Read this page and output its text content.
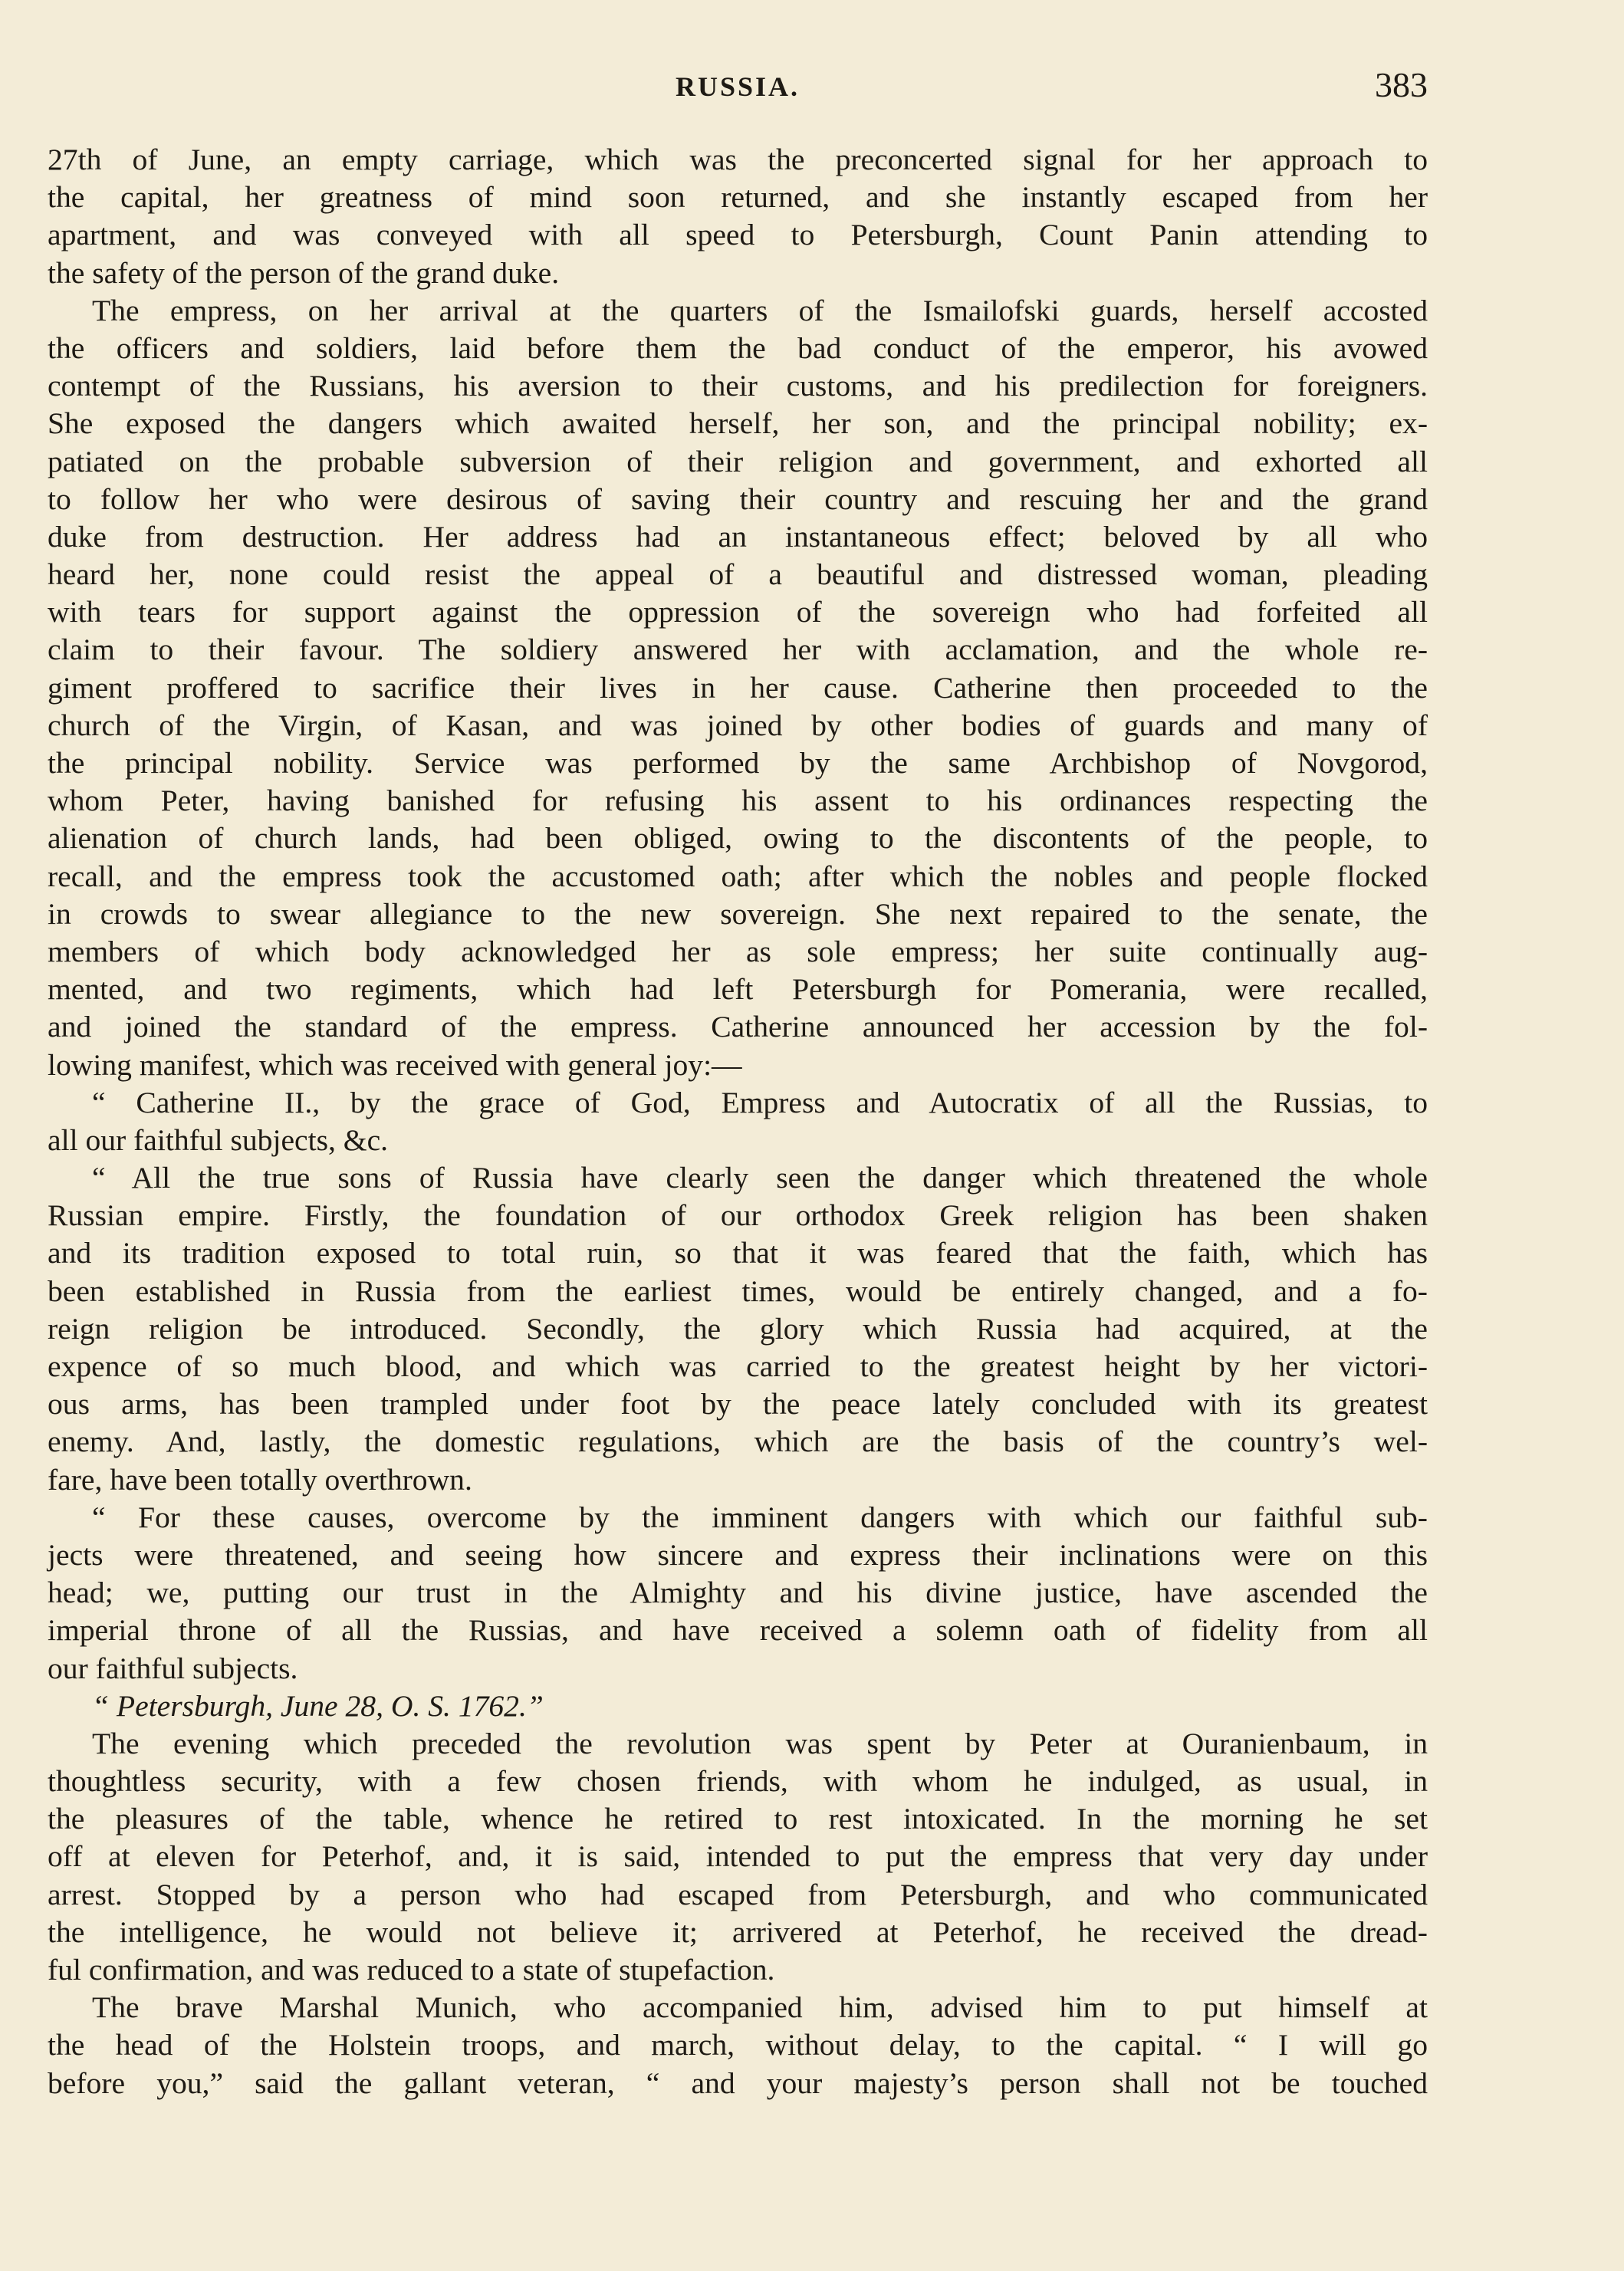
RUSSIA.	383
27th of June, an empty carriage, which was the preconcerted signal for her approach to
the capital, her greatness of mind soon returned, and she instantly escaped from her
apartment, and was conveyed with all speed to Petersburgh, Count Panin attending to
the safety of the person of the grand duke.
The empress, on her arrival at the quarters of the Ismailofski guards, herself accosted
the officers and soldiers, laid before them the bad conduct of the emperor, his avowed
contempt of the Russians, his aversion to their customs, and his predilection for foreigners.
She exposed the dangers which awaited herself, her son, and the principal nobility; ex-
patiated on the probable subversion of their religion and government, and exhorted all
to follow her who were desirous of saving their country and rescuing her and the grand
duke from destruction. Her address had an instantaneous effect; beloved by all who
heard her, none could resist the appeal of a beautiful and distressed woman, pleading
with tears for support against the oppression of the sovereign who had forfeited all
claim to their favour. The soldiery answered her with acclamation, and the whole re-
giment proffered to sacrifice their lives in her cause. Catherine then proceeded to the
church of the Virgin, of Kasan, and was joined by other bodies of guards and many of
the principal nobility. Service was performed by the same Archbishop of Novgorod,
whom Peter, having banished for refusing his assent to his ordinances respecting the
alienation of church lands, had been obliged, owing to the discontents of the people, to
recall, and the empress took the accustomed oath; after which the nobles and people flocked
in crowds to swear allegiance to the new sovereign. She next repaired to the senate, the
members of which body acknowledged her as sole empress; her suite continually aug-
mented, and two regiments, which had left Petersburgh for Pomerania, were recalled,
and joined the standard of the empress. Catherine announced her accession by the fol-
lowing manifest, which was received with general joy:—
“ Catherine II., by the grace of God, Empress and Autocratix of all the Russias, to
all our faithful subjects, &c.
“ All the true sons of Russia have clearly seen the danger which threatened the whole
Russian empire. Firstly, the foundation of our orthodox Greek religion has been shaken
and its tradition exposed to total ruin, so that it was feared that the faith, which has
been established in Russia from the earliest times, would be entirely changed, and a fo-
reign religion be introduced. Secondly, the glory which Russia had acquired, at the
expence of so much blood, and which was carried to the greatest height by her victori-
ous arms, has been trampled under foot by the peace lately concluded with its greatest
enemy. And, lastly, the domestic regulations, which are the basis of the country’s wel-
fare, have been totally overthrown.
“ For these causes, overcome by the imminent dangers with which our faithful sub-
jects were threatened, and seeing how sincere and express their inclinations were on this
head; we, putting our trust in the Almighty and his divine justice, have ascended the
imperial throne of all the Russias, and have received a solemn oath of fidelity from all
our faithful subjects.
“ Petersburgh, June 28, O. S. 1762.”
The evening which preceded the revolution was spent by Peter at Ouranienbaum, in
thoughtless security, with a few chosen friends, with whom he indulged, as usual, in
the pleasures of the table, whence he retired to rest intoxicated. In the morning he set
off at eleven for Peterhof, and, it is said, intended to put the empress that very day under
arrest. Stopped by a person who had escaped from Petersburgh, and who communicated
the intelligence, he would not believe it; arrivered at Peterhof, he received the dread-
ful confirmation, and was reduced to a state of stupefaction.
The brave Marshal Munich, who accompanied him, advised him to put himself at
the head of the Holstein troops, and march, without delay, to the capital. “ I will go
before you,” said the gallant veteran, “ and your majesty’s person shall not be touched
